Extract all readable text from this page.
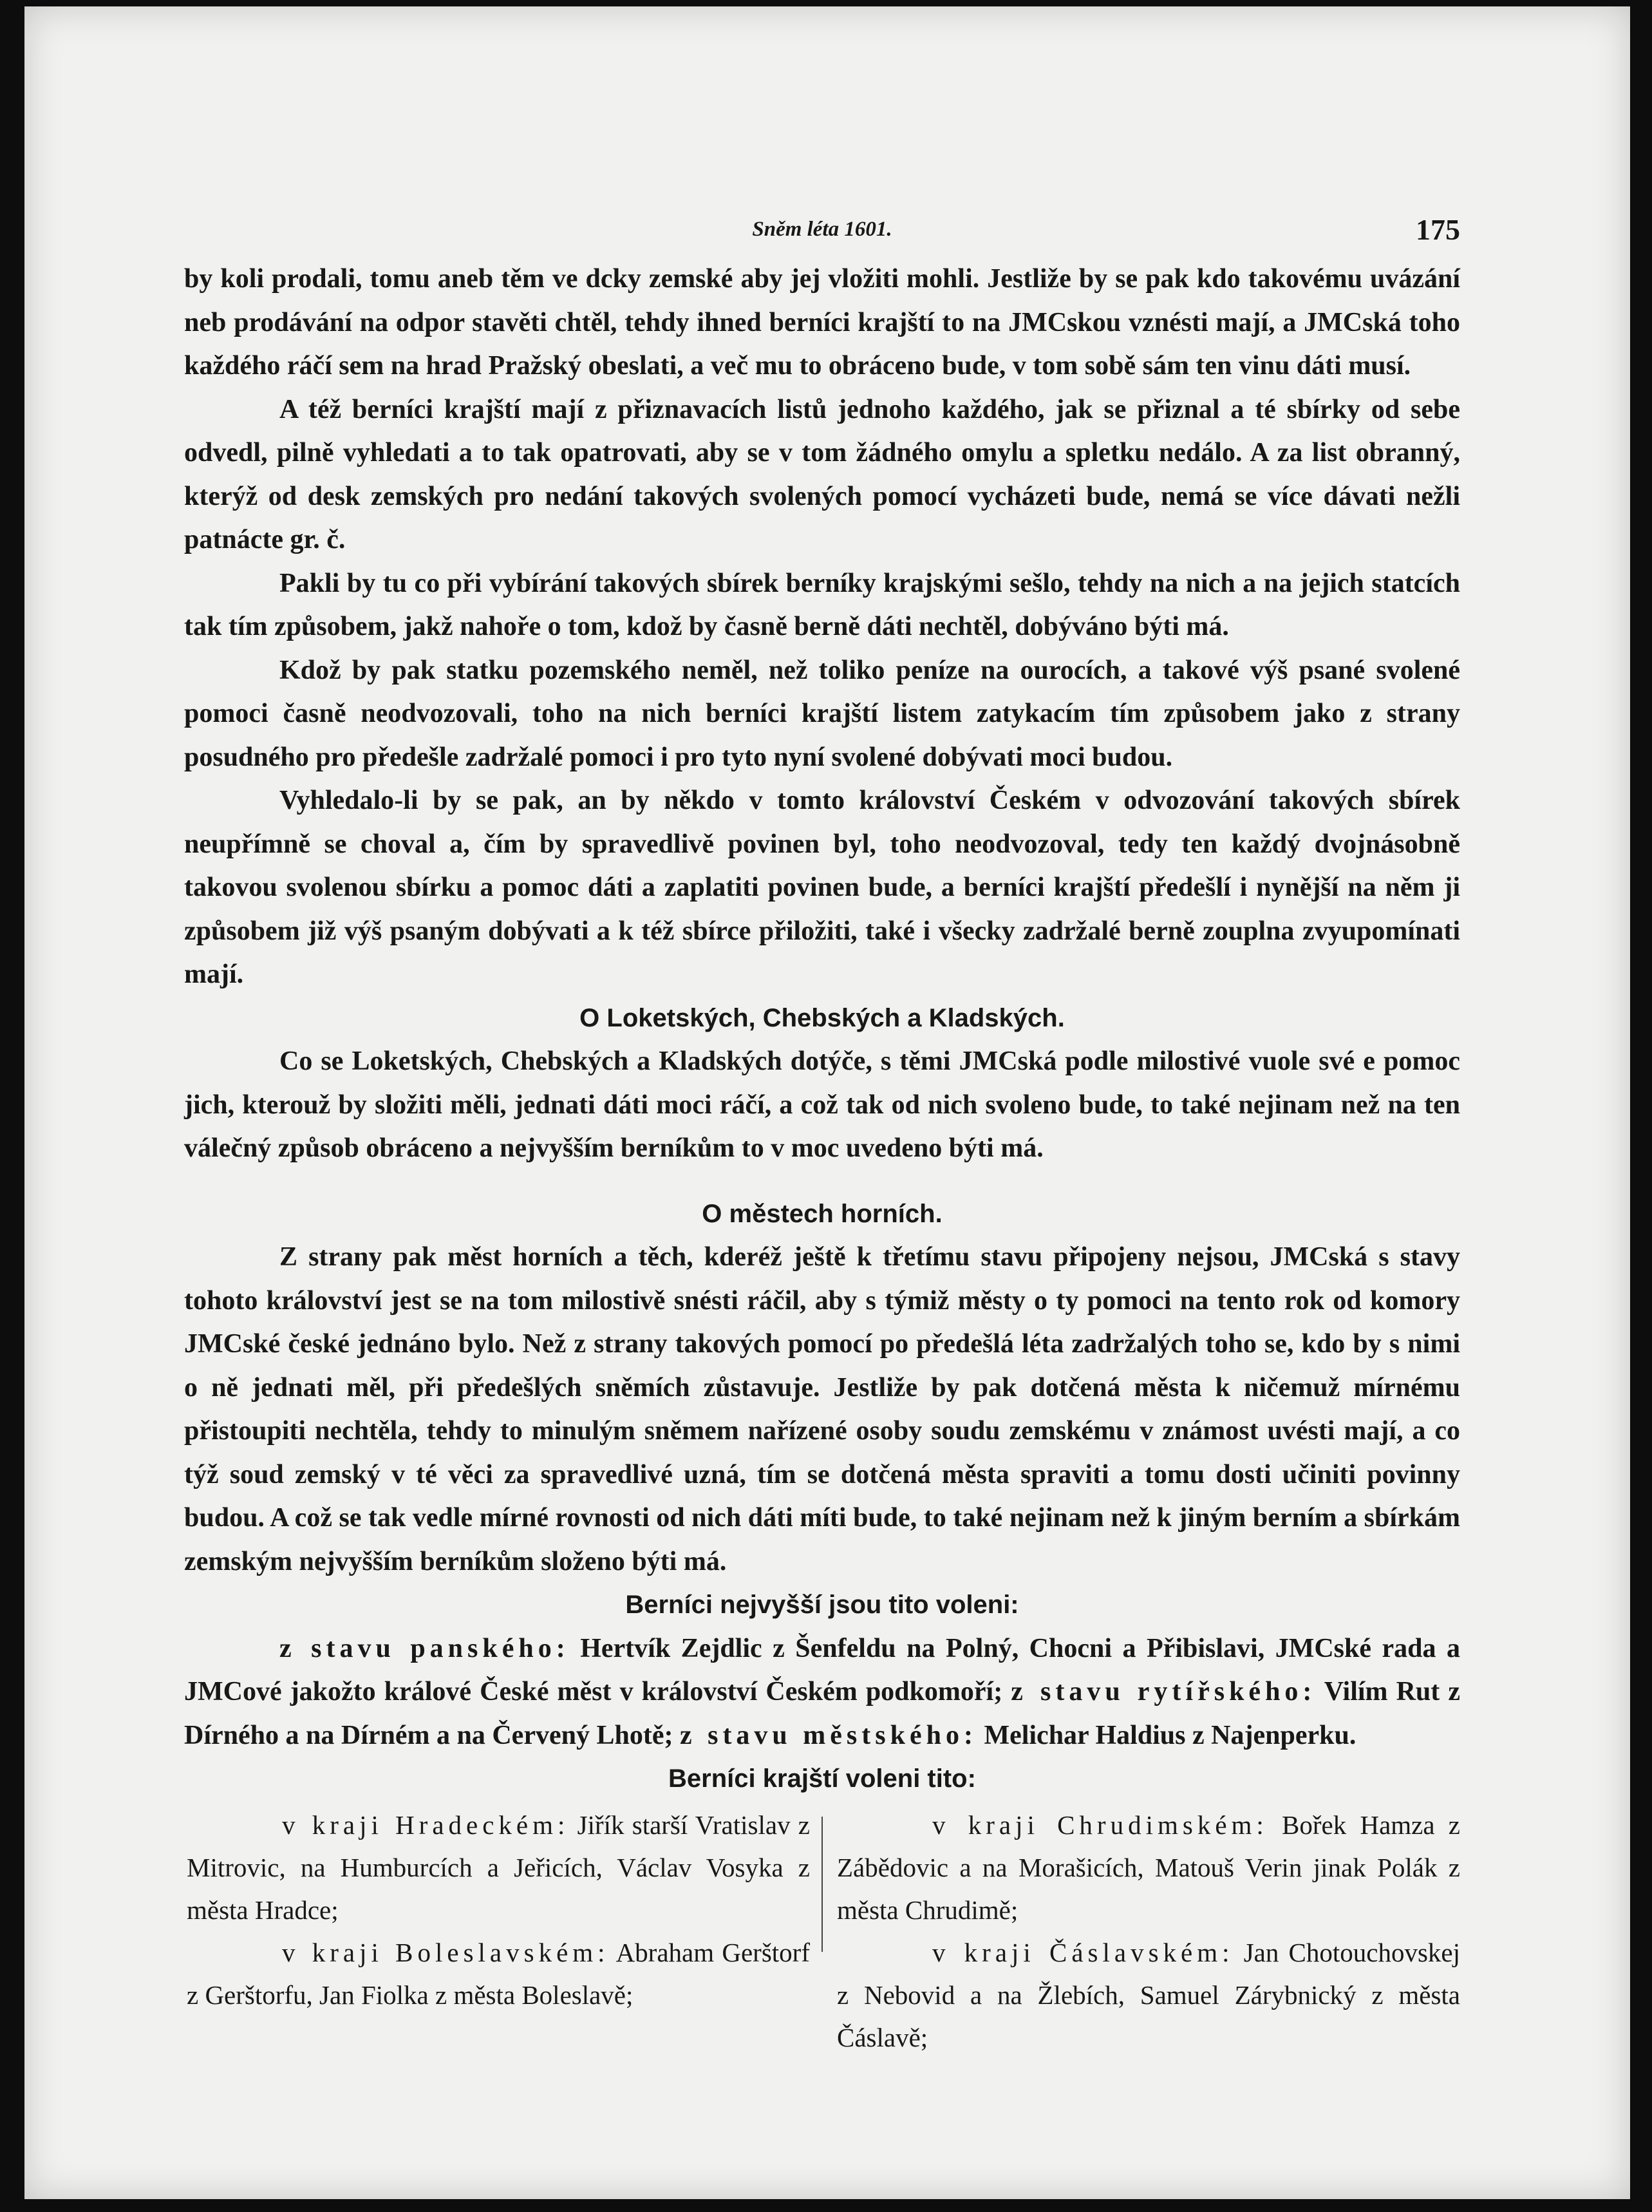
Sněm léta 1601.	175

by koli prodali, tomu aneb těm ve dcky zemské aby jej vložiti mohli. Jestliže by se pak kdo takovému uvázání neb prodávání na odpor stavěti chtěl, tehdy ihned berníci krajští to na JMCskou vznésti mají, a JMCská toho každého ráčí sem na hrad Pražský obeslati, a več mu to obráceno bude, v tom sobě sám ten vinu dáti musí.

A též berníci krajští mají z přiznavacích listů jednoho každého, jak se přiznal a té sbírky od sebe odvedl, pilně vyhledati a to tak opatrovati, aby se v tom žádného omylu a spletku nedálo. A za list obranný, kterýž od desk zemských pro nedání takových svolených pomocí vycházeti bude, nemá se více dávati nežli patnácte gr. č.

Pakli by tu co při vybírání takových sbírek berníky krajskými sešlo, tehdy na nich a na jejich statcích tak tím způsobem, jakž nahoře o tom, kdož by časně berně dáti nechtěl, dobýváno býti má.

Kdož by pak statku pozemského neměl, než toliko peníze na ourocích, a takové výš psané svolené pomoci časně neodvozovali, toho na nich berníci krajští listem zatykacím tím způsobem jako z strany posudného pro předešle zadržalé pomoci i pro tyto nyní svolené dobývati moci budou.

Vyhledalo-li by se pak, an by někdo v tomto království Českém v odvozování takových sbírek neupřímně se choval a, čím by spravedlivě povinen byl, toho neodvozoval, tedy ten každý dvojnásobně takovou svolenou sbírku a pomoc dáti a zaplatiti povinen bude, a berníci krajští předešlí i nynější na něm ji způsobem již výš psaným dobývati a k též sbírce přiložiti, také i všecky zadržalé berně zouplna zvyupomínati mají.

O Loketských, Chebských a Kladských.

Co se Loketských, Chebských a Kladských dotýče, s těmi JMCská podle milostivé vuole své e pomoc jich, kterouž by složiti měli, jednati dáti moci ráčí, a což tak od nich svoleno bude, to také nejinam než na ten válečný způsob obráceno a nejvyšším berníkům to v moc uvedeno býti má.

O městech horních.

Z strany pak měst horních a těch, kderéž ještě k třetímu stavu připojeny nejsou, JMCská s stavy tohoto království jest se na tom milostivě snésti ráčil, aby s týmiž městy o ty pomoci na tento rok od komory JMCské české jednáno bylo. Než z strany takových pomocí po předešlá léta zadržalých toho se, kdo by s nimi o ně jednati měl, při předešlých sněmích zůstavuje. Jestliže by pak dotčená města k ničemuž mírnému přistoupiti nechtěla, tehdy to minulým sněmem nařízené osoby soudu zemskému v známost uvésti mají, a co týž soud zemský v té věci za spravedlivé uzná, tím se dotčená města spraviti a tomu dosti učiniti povinny budou. A což se tak vedle mírné rovnosti od nich dáti míti bude, to také nejinam než k jiným berním a sbírkám zemským nejvyšším berníkům složeno býti má.

Berníci nejvyšší jsou tito voleni:

z stavu panského: Hertvík Zejdlic z Šenfeldu na Polný, Chocni a Přibislavi, JMCské rada a JMCové jakožto králové České měst v království Českém podkomoří; z stavu rytířského: Vilím Rut z Dírného a na Dírném a na Červený Lhotě; z stavu městského: Melichar Haldius z Najenperku.

Berníci krajští voleni tito:

v kraji Hradeckém: Jiřík starší Vratislav z Mitrovic, na Humburcích a Jeřicích, Václav Vosyka z města Hradce;

v kraji Boleslavském: Abraham Gerštorf z Gerštorfu, Jan Fiolka z města Boleslavě;

v kraji Chrudimském: Bořek Hamza z Zábědovic a na Morašicích, Matouš Verin jinak Polák z města Chrudimě;

v kraji Čáslavském: Jan Chotouchovskej z Nebovid a na Žlebích, Samuel Zárybnický z města Čáslavě;
